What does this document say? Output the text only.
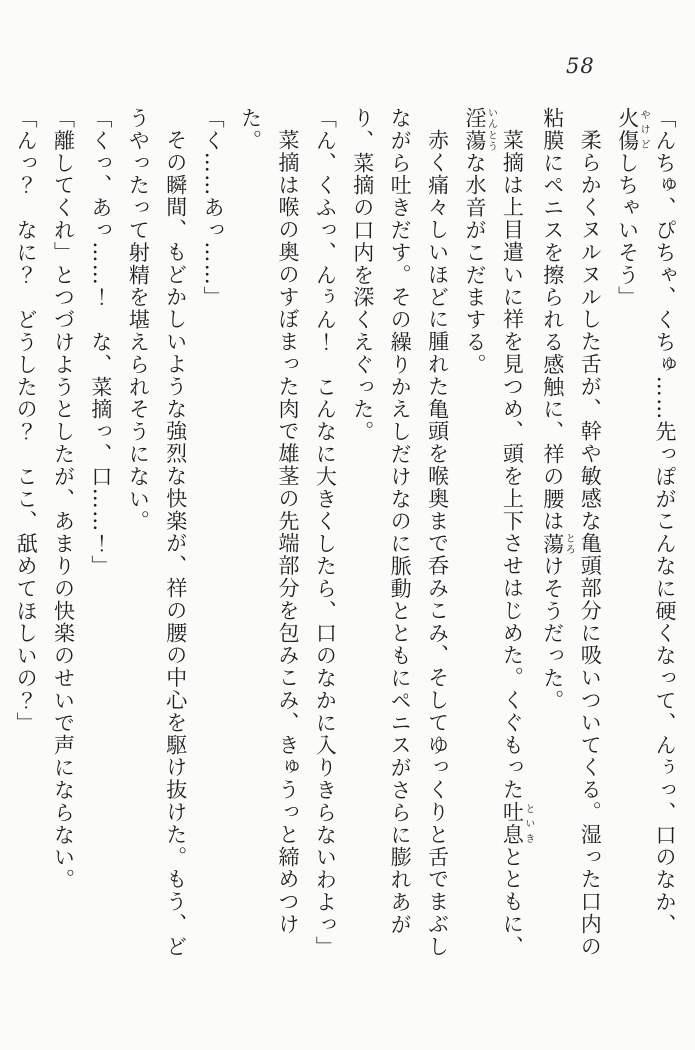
58

「んちゅ、ぴちゃ、くちゅ……先っぽがこんなに硬くなって、んぅっ、口のなか、火傷やけどしちゃいそう」

柔らかくヌルヌルした舌が、幹や敏感な亀頭部分に吸いついてくる。湿った口内の粘膜にペニスを擦られる感触に、祥の腰は蕩とろけそうだった。

菜摘は上目遣いに祥を見つめ、頭を上下させはじめた。くぐもった吐息といきとともに、淫蕩いんとうな水音がこだまする。

赤く痛々しいほどに腫れた亀頭を喉奥まで呑みこみ、そしてゆっくりと舌でまぶしながら吐きだす。その繰りかえしだけなのに脈動とともにペニスがさらに膨れあがり、菜摘の口内を深くえぐった。

「ん、くふっ、んぅん！　こんなに大きくしたら、口のなかに入りきらないわよっ」

菜摘は喉の奥のすぼまった肉で雄茎の先端部分を包みこみ、きゅうっと締めつけた。

「く……あっ……」

その瞬間、もどかしいような強烈な快楽が、祥の腰の中心を駆け抜けた。もう、どうやったって射精を堪えられそうにない。

「くっ、あっ……！　な、菜摘っ、口……！」

「離してくれ」とつづけようとしたが、あまりの快楽のせいで声にならない。

「んっ？　なに？　どうしたの？　ここ、舐めてほしいの？」
